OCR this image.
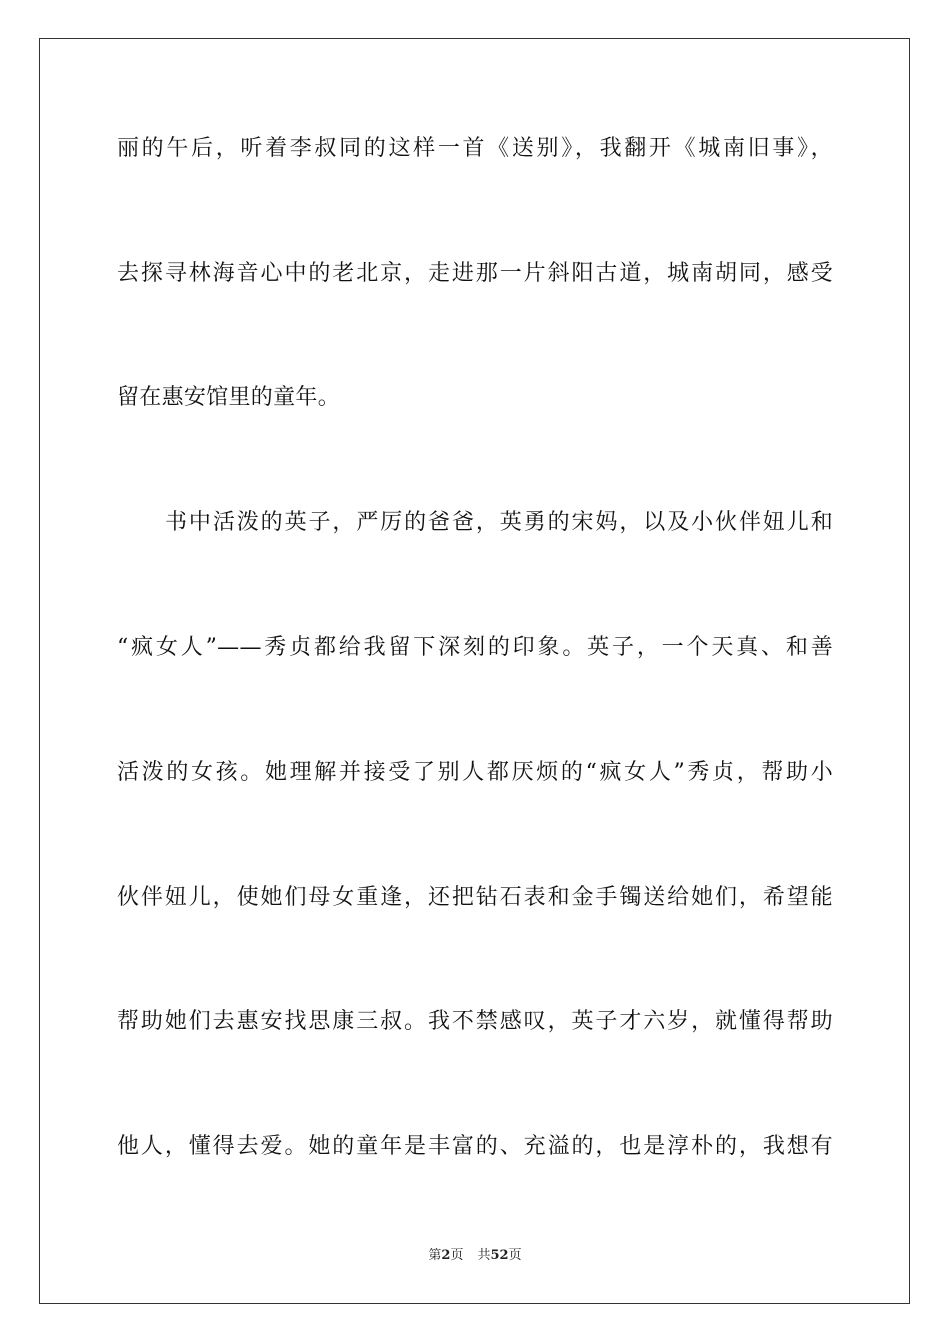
丽的午后，听着李叔同的这样一首《送别》，我翻开《城南旧事》，
去探寻林海音心中的老北京，走进那一片斜阳古道，城南胡同，感受
留在惠安馆里的童年。
书中活泼的英子，严厉的爸爸，英勇的宋妈，以及小伙伴妞儿和
“疯女人”——秀贞都给我留下深刻的印象。英子，一个天真、和善
活泼的女孩。她理解并接受了别人都厌烦的“疯女人”秀贞，帮助小
伙伴妞儿，使她们母女重逢，还把钻石表和金手镯送给她们，希望能
帮助她们去惠安找思康三叔。我不禁感叹，英子才六岁，就懂得帮助
他人，懂得去爱。她的童年是丰富的、充溢的，也是淳朴的，我想有
第2页 共52页
